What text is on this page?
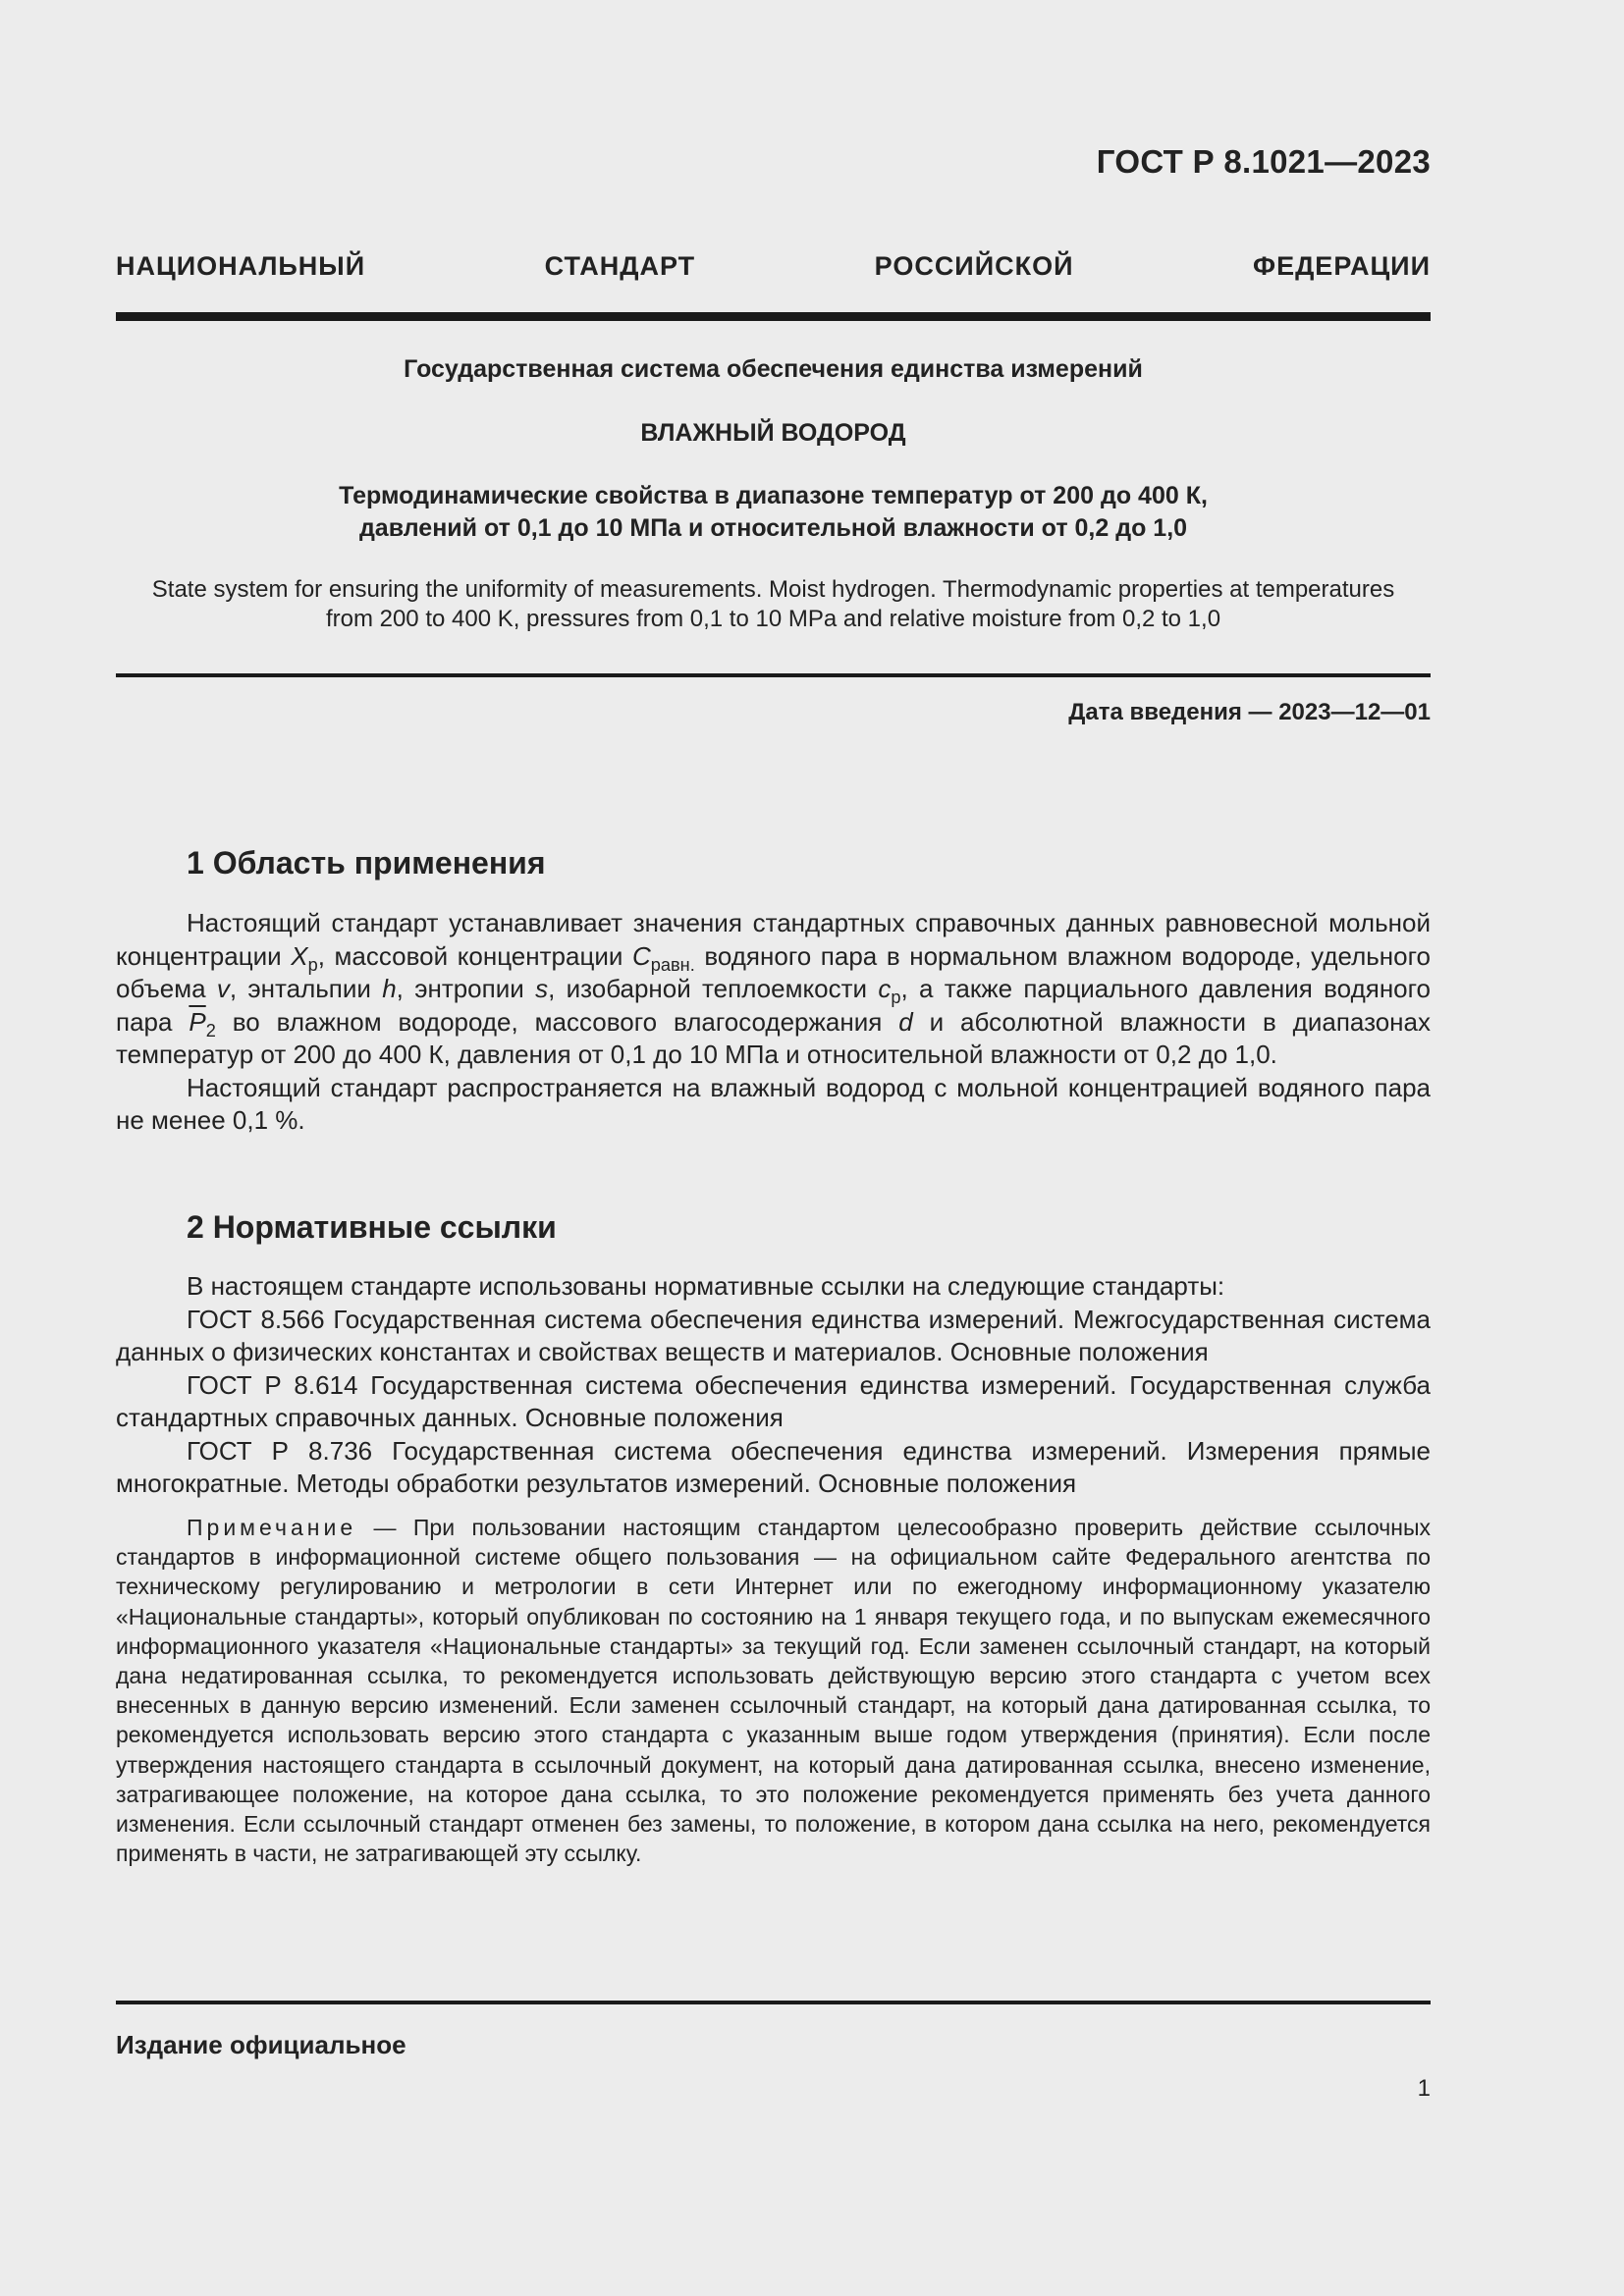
ГОСТ Р 8.1021—2023
НАЦИОНАЛЬНЫЙ СТАНДАРТ РОССИЙСКОЙ ФЕДЕРАЦИИ
Государственная система обеспечения единства измерений
ВЛАЖНЫЙ ВОДОРОД
Термодинамические свойства в диапазоне температур от 200 до 400 К,
давлений от 0,1 до 10 МПа и относительной влажности от 0,2 до 1,0
State system for ensuring the uniformity of measurements. Moist hydrogen. Thermodynamic properties at temperatures
from 200 to 400 K, pressures from 0,1 to 10 MPa and relative moisture from 0,2 to 1,0
Дата введения — 2023—12—01
1 Область применения

Настоящий стандарт устанавливает значения стандартных справочных данных равновесной мольной концентрации $X_р$, массовой концентрации $C_{равн.}$ водяного пара в нормальном влажном водороде, удельного объема v, энтальпии h, энтропии s, изобарной теплоемкости $c_p$, а также парциального давления водяного пара $\overline{P}_2$ во влажном водороде, массового влагосодержания d и абсолютной влажности в диапазонах температур от 200 до 400 К, давления от 0,1 до 10 МПа и относительной влажности от 0,2 до 1,0.

Настоящий стандарт распространяется на влажный водород с мольной концентрацией водяного пара не менее 0,1 %.

2 Нормативные ссылки

В настоящем стандарте использованы нормативные ссылки на следующие стандарты:

ГОСТ 8.566 Государственная система обеспечения единства измерений. Межгосударственная система данных о физических константах и свойствах веществ и материалов. Основные положения

ГОСТ Р 8.614 Государственная система обеспечения единства измерений. Государственная служба стандартных справочных данных. Основные положения

ГОСТ Р 8.736 Государственная система обеспечения единства измерений. Измерения прямые многократные. Методы обработки результатов измерений. Основные положения

Примечание — При пользовании настоящим стандартом целесообразно проверить действие ссылочных стандартов в информационной системе общего пользования — на официальном сайте Федерального агентства по техническому регулированию и метрологии в сети Интернет или по ежегодному информационному указателю «Национальные стандарты», который опубликован по состоянию на 1 января текущего года, и по выпускам ежемесячного информационного указателя «Национальные стандарты» за текущий год. Если заменен ссылочный стандарт, на который дана недатированная ссылка, то рекомендуется использовать действующую версию этого стандарта с учетом всех внесенных в данную версию изменений. Если заменен ссылочный стандарт, на который дана датированная ссылка, то рекомендуется использовать версию этого стандарта с указанным выше годом утверждения (принятия). Если после утверждения настоящего стандарта в ссылочный документ, на который дана датированная ссылка, внесено изменение, затрагивающее положение, на которое дана ссылка, то это положение рекомендуется применять без учета данного изменения. Если ссылочный стандарт отменен без замены, то положение, в котором дана ссылка на него, рекомендуется применять в части, не затрагивающей эту ссылку.

Издание официальное
1
